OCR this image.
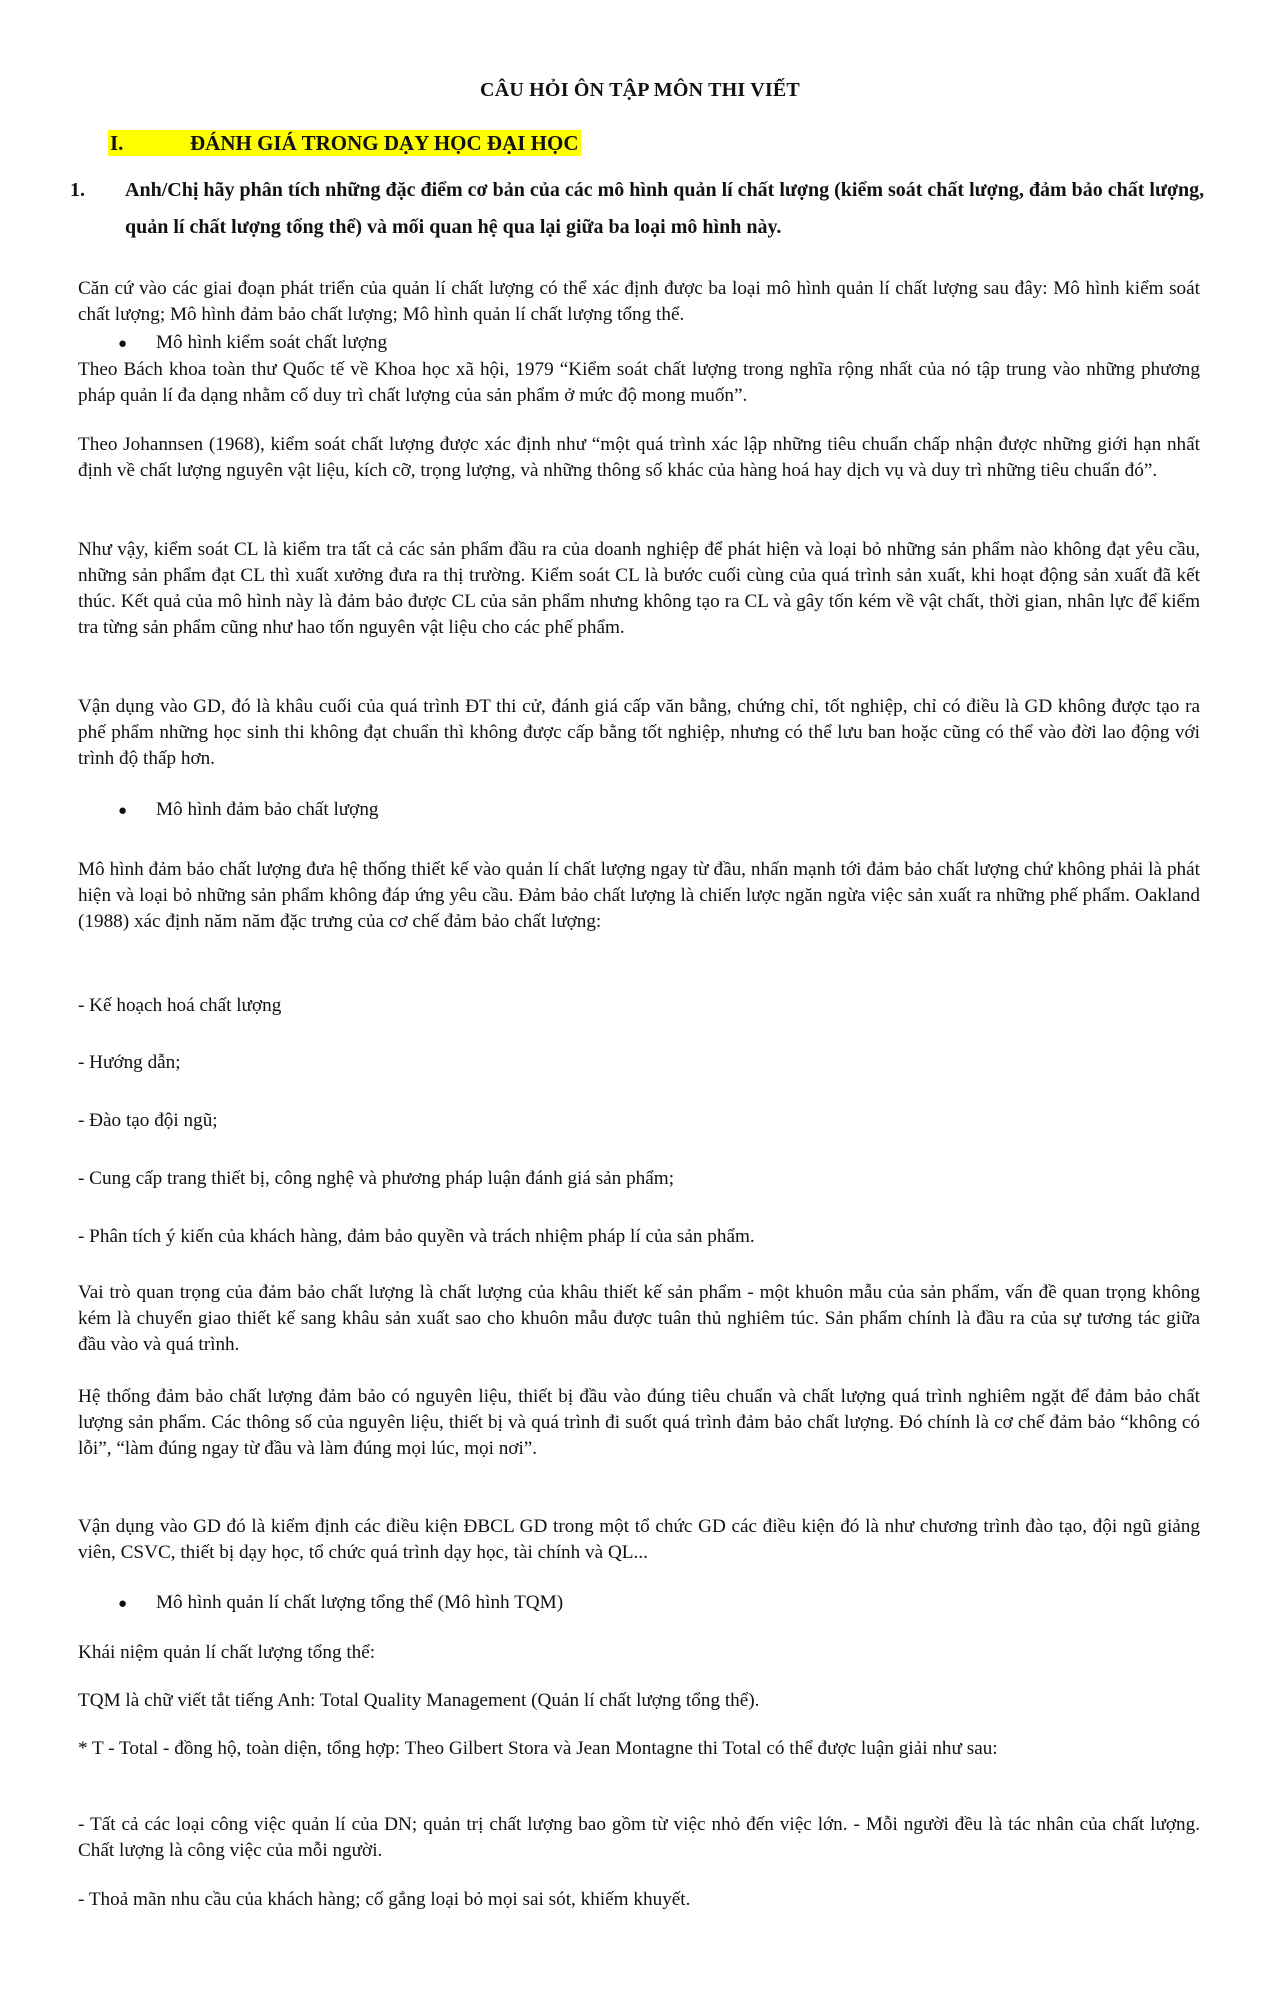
CÂU HỎI ÔN TẬP MÔN THI VIẾT
I.	ĐÁNH GIÁ TRONG DẠY HỌC ĐẠI HỌC
1. Anh/Chị hãy phân tích những đặc điểm cơ bản của các mô hình quản lí chất lượng (kiểm soát chất lượng, đảm bảo chất lượng, quản lí chất lượng tổng thể) và mối quan hệ qua lại giữa ba loại mô hình này.
Căn cứ vào các giai đoạn phát triển của quản lí chất lượng có thể xác định được ba loại mô hình quản lí chất lượng sau đây: Mô hình kiểm soát chất lượng; Mô hình đảm bảo chất lượng; Mô hình quản lí chất lượng tổng thể.
● Mô hình kiểm soát chất lượng
Theo Bách khoa toàn thư Quốc tế về Khoa học xã hội, 1979 “Kiểm soát chất lượng trong nghĩa rộng nhất của nó tập trung vào những phương pháp quản lí đa dạng nhằm cố duy trì chất lượng của sản phẩm ở mức độ mong muốn”.
Theo Johannsen (1968), kiểm soát chất lượng được xác định như “một quá trình xác lập những tiêu chuẩn chấp nhận được những giới hạn nhất định về chất lượng nguyên vật liệu, kích cỡ, trọng lượng, và những thông số khác của hàng hoá hay dịch vụ và duy trì những tiêu chuẩn đó”.
Như vậy, kiểm soát CL là kiểm tra tất cả các sản phẩm đầu ra của doanh nghiệp để phát hiện và loại bỏ những sản phẩm nào không đạt yêu cầu, những sản phẩm đạt CL thì xuất xưởng đưa ra thị trường. Kiểm soát CL là bước cuối cùng của quá trình sản xuất, khi hoạt động sản xuất đã kết thúc. Kết quả của mô hình này là đảm bảo được CL của sản phẩm nhưng không tạo ra CL và gây tốn kém về vật chất, thời gian, nhân lực để kiểm tra từng sản phẩm cũng như hao tốn nguyên vật liệu cho các phế phẩm.
Vận dụng vào GD, đó là khâu cuối của quá trình ĐT thi cử, đánh giá cấp văn bằng, chứng chỉ, tốt nghiệp, chỉ có điều là GD không được tạo ra phế phẩm những học sinh thi không đạt chuẩn thì không được cấp bằng tốt nghiệp, nhưng có thể lưu ban hoặc cũng có thể vào đời lao động với trình độ thấp hơn.
● Mô hình đảm bảo chất lượng
Mô hình đảm bảo chất lượng đưa hệ thống thiết kế vào quản lí chất lượng ngay từ đầu, nhấn mạnh tới đảm bảo chất lượng chứ không phải là phát hiện và loại bỏ những sản phẩm không đáp ứng yêu cầu. Đảm bảo chất lượng là chiến lược ngăn ngừa việc sản xuất ra những phế phẩm. Oakland (1988) xác định năm năm đặc trưng của cơ chế đảm bảo chất lượng:
- Kế hoạch hoá chất lượng
- Hướng dẫn;
- Đào tạo đội ngũ;
- Cung cấp trang thiết bị, công nghệ và phương pháp luận đánh giá sản phẩm;
- Phân tích ý kiến của khách hàng, đảm bảo quyền và trách nhiệm pháp lí của sản phẩm.
Vai trò quan trọng của đảm bảo chất lượng là chất lượng của khâu thiết kế sản phẩm - một khuôn mẫu của sản phẩm, vấn đề quan trọng không kém là chuyển giao thiết kế sang khâu sản xuất sao cho khuôn mẫu được tuân thủ nghiêm túc. Sản phẩm chính là đầu ra của sự tương tác giữa đầu vào và quá trình.
Hệ thống đảm bảo chất lượng đảm bảo có nguyên liệu, thiết bị đầu vào đúng tiêu chuẩn và chất lượng quá trình nghiêm ngặt để đảm bảo chất lượng sản phẩm. Các thông số của nguyên liệu, thiết bị và quá trình đi suốt quá trình đảm bảo chất lượng. Đó chính là cơ chế đảm bảo “không có lỗi”, “làm đúng ngay từ đầu và làm đúng mọi lúc, mọi nơi”.
Vận dụng vào GD đó là kiểm định các điều kiện ĐBCL GD trong một tổ chức GD các điều kiện đó là như chương trình đào tạo, đội ngũ giảng viên, CSVC, thiết bị dạy học, tổ chức quá trình dạy học, tài chính và QL...
● Mô hình quản lí chất lượng tổng thể (Mô hình TQM)
Khái niệm quản lí chất lượng tổng thể:
TQM là chữ viết tắt tiếng Anh: Total Quality Management (Quản lí chất lượng tổng thể).
* T - Total - đồng hộ, toàn diện, tổng hợp: Theo Gilbert Stora và Jean Montagne thi Total có thể được luận giải như sau:
- Tất cả các loại công việc quản lí của DN; quản trị chất lượng bao gồm từ việc nhỏ đến việc lớn. - Mỗi người đều là tác nhân của chất lượng. Chất lượng là công việc của mỗi người.
- Thoả mãn nhu cầu của khách hàng; cố gắng loại bỏ mọi sai sót, khiếm khuyết.
